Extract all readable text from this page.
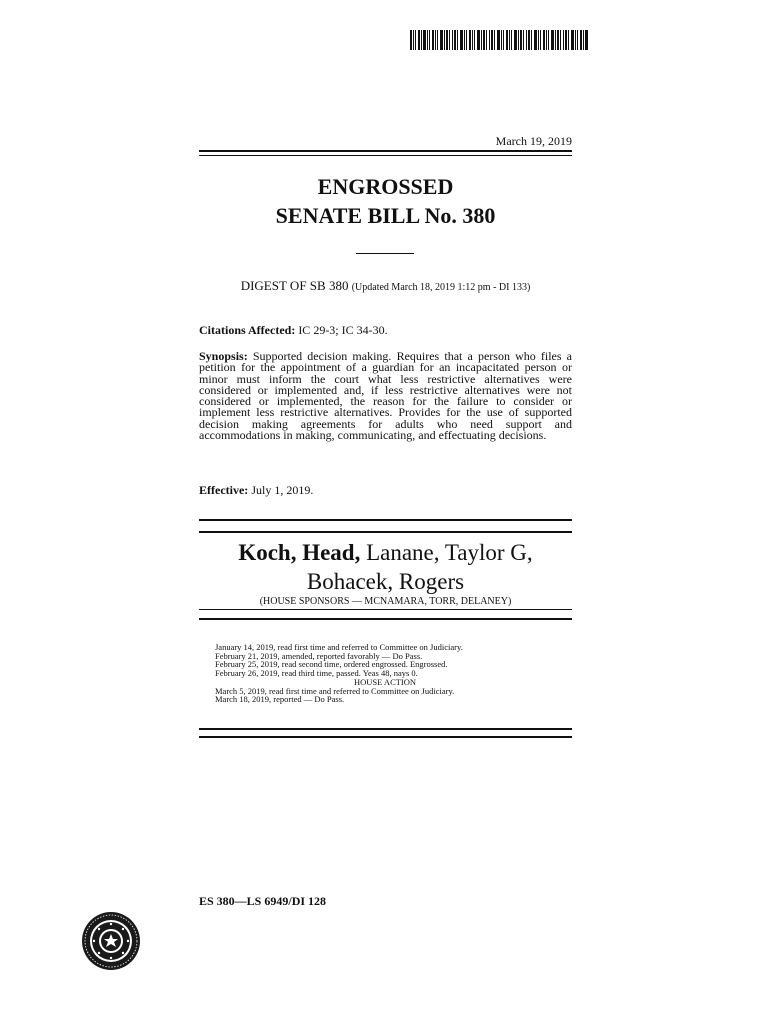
March 19, 2019
ENGROSSED
SENATE BILL No. 380
DIGEST OF SB 380 (Updated March 18, 2019 1:12 pm - DI 133)
Citations Affected: IC 29-3; IC 34-30.
Synopsis: Supported decision making. Requires that a person who files a petition for the appointment of a guardian for an incapacitated person or minor must inform the court what less restrictive alternatives were considered or implemented and, if less restrictive alternatives were not considered or implemented, the reason for the failure to consider or implement less restrictive alternatives. Provides for the use of supported decision making agreements for adults who need support and accommodations in making, communicating, and effectuating decisions.
Effective: July 1, 2019.
Koch, Head, Lanane, Taylor G,
Bohacek, Rogers
(HOUSE SPONSORS — MCNAMARA, TORR, DELANEY)
January 14, 2019, read first time and referred to Committee on Judiciary.
February 21, 2019, amended, reported favorably — Do Pass.
February 25, 2019, read second time, ordered engrossed. Engrossed.
February 26, 2019, read third time, passed. Yeas 48, nays 0.
HOUSE ACTION
March 5, 2019, read first time and referred to Committee on Judiciary.
March 18, 2019, reported — Do Pass.
ES 380—LS 6949/DI 128
